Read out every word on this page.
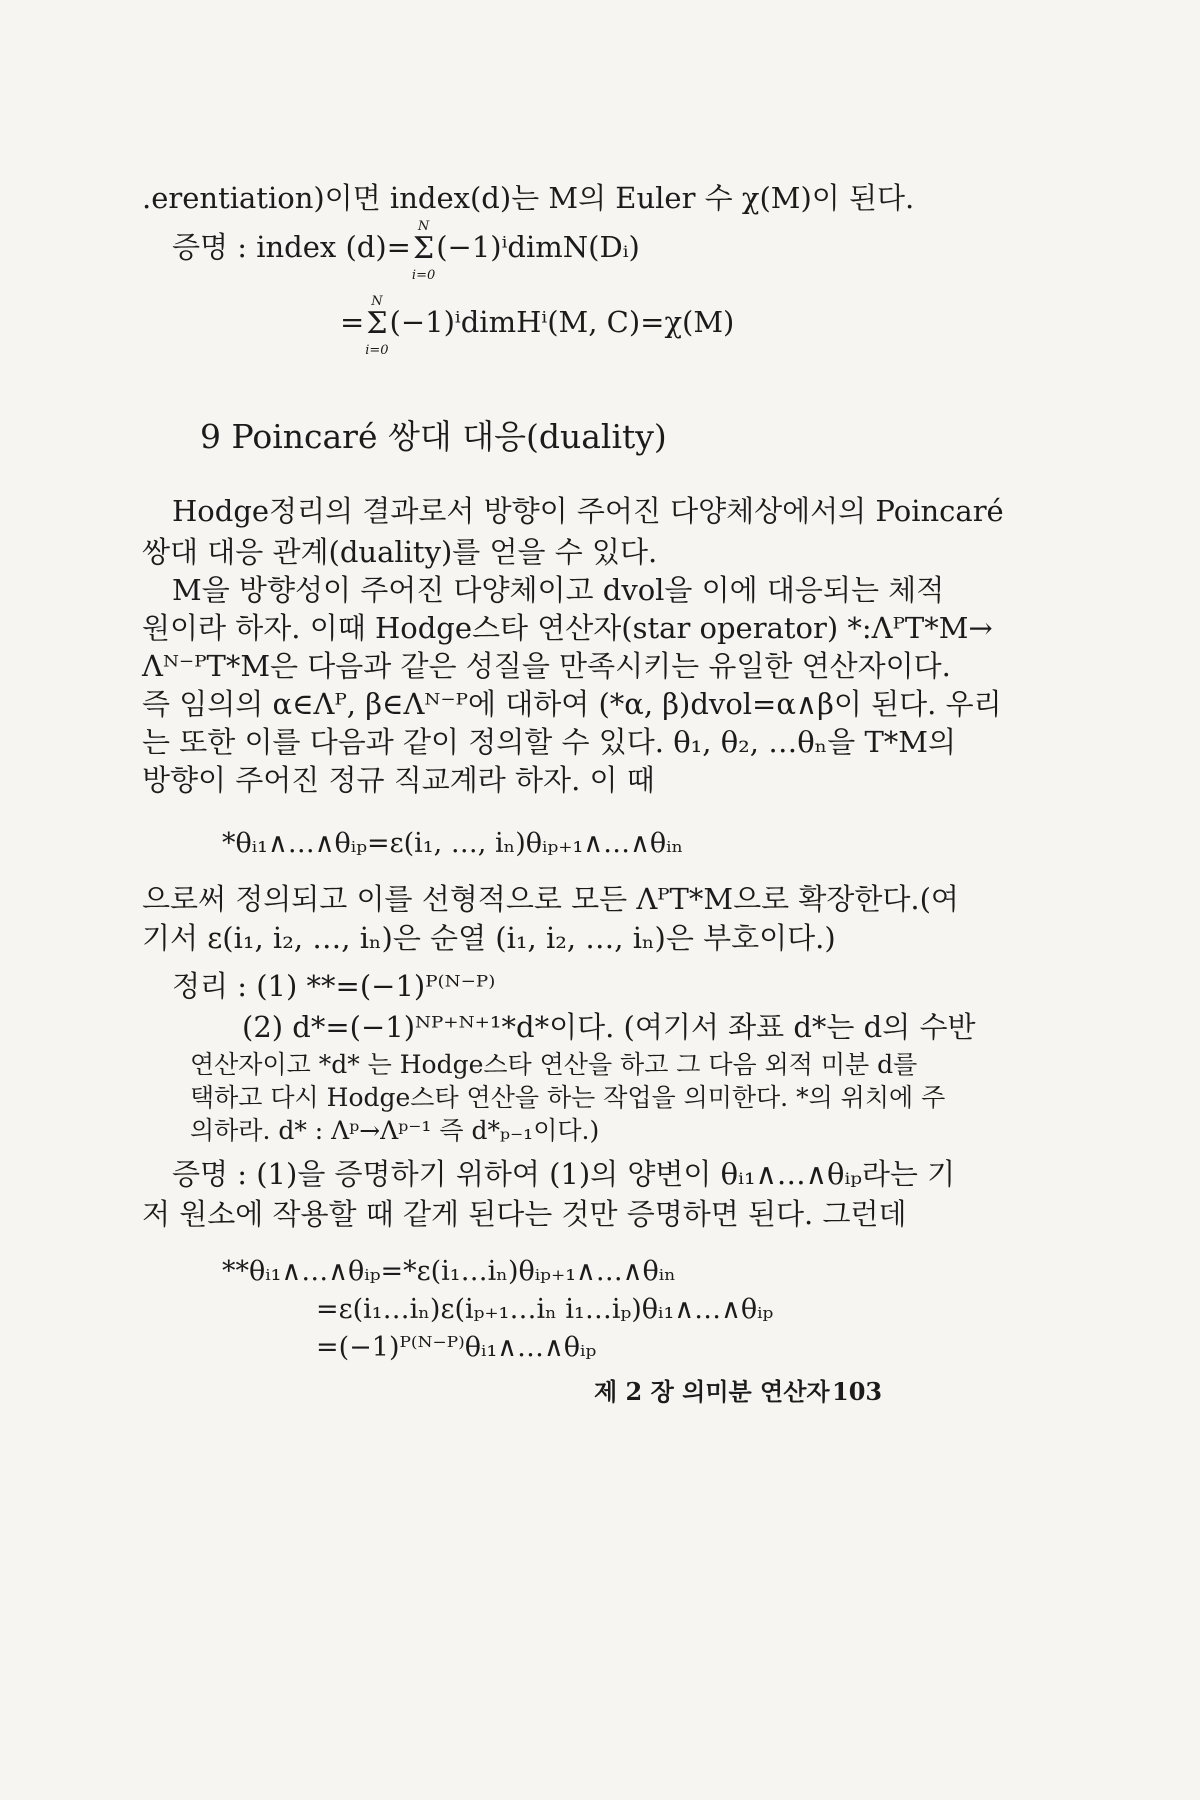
.erentiation)이면 index(d)는 M의 Euler 수 χ(M)이 된다.
증명 : index (d)=Σ
N
i=0
(−1)ⁱdimN(Dᵢ)
=Σ
N
i=0
(−1)ⁱdimHⁱ(M, C)=χ(M)
9 Poincaré 쌍대 대응(duality)
Hodge정리의 결과로서 방향이 주어진 다양체상에서의 Poincaré
쌍대 대응 관계(duality)를 얻을 수 있다.
M을 방향성이 주어진 다양체이고 dvol을 이에 대응되는 체적
원이라 하자. 이때 Hodge스타 연산자(star operator) *:ΛᴾT*M→
Λᴺ⁻ᴾT*M은 다음과 같은 성질을 만족시키는 유일한 연산자이다.
즉 임의의 α∈Λᴾ, β∈Λᴺ⁻ᴾ에 대하여 (*α, β)dvol=α∧β이 된다. 우리
는 또한 이를 다음과 같이 정의할 수 있다. θ₁, θ₂, …θₙ을 T*M의
방향이 주어진 정규 직교계라 하자. 이 때
*θᵢ₁∧…∧θᵢₚ=ε(i₁, …, iₙ)θᵢₚ₊₁∧…∧θᵢₙ
으로써 정의되고 이를 선형적으로 모든 ΛᴾT*M으로 확장한다.(여
기서 ε(i₁, i₂, …, iₙ)은 순열 (i₁, i₂, …, iₙ)은 부호이다.)
정리 : (1) **=(−1)ᴾ⁽ᴺ⁻ᴾ⁾
(2) d*=(−1)ᴺᴾ⁺ᴺ⁺¹*d*이다. (여기서 좌표 d*는 d의 수반
연산자이고 *d* 는 Hodge스타 연산을 하고 그 다음 외적 미분 d를
택하고 다시 Hodge스타 연산을 하는 작업을 의미한다. *의 위치에 주
의하라. d* : Λᵖ→Λᵖ⁻¹ 즉 d*ₚ₋₁이다.)
증명 : (1)을 증명하기 위하여 (1)의 양변이 θᵢ₁∧…∧θᵢₚ라는 기
저 원소에 작용할 때 같게 된다는 것만 증명하면 된다. 그런데
**θᵢ₁∧…∧θᵢₚ=*ε(i₁…iₙ)θᵢₚ₊₁∧…∧θᵢₙ
=ε(i₁…iₙ)ε(iₚ₊₁…iₙ i₁…iₚ)θᵢ₁∧…∧θᵢₚ
=(−1)ᴾ⁽ᴺ⁻ᴾ⁾θᵢ₁∧…∧θᵢₚ
제 2 장 의미분 연산자 103
